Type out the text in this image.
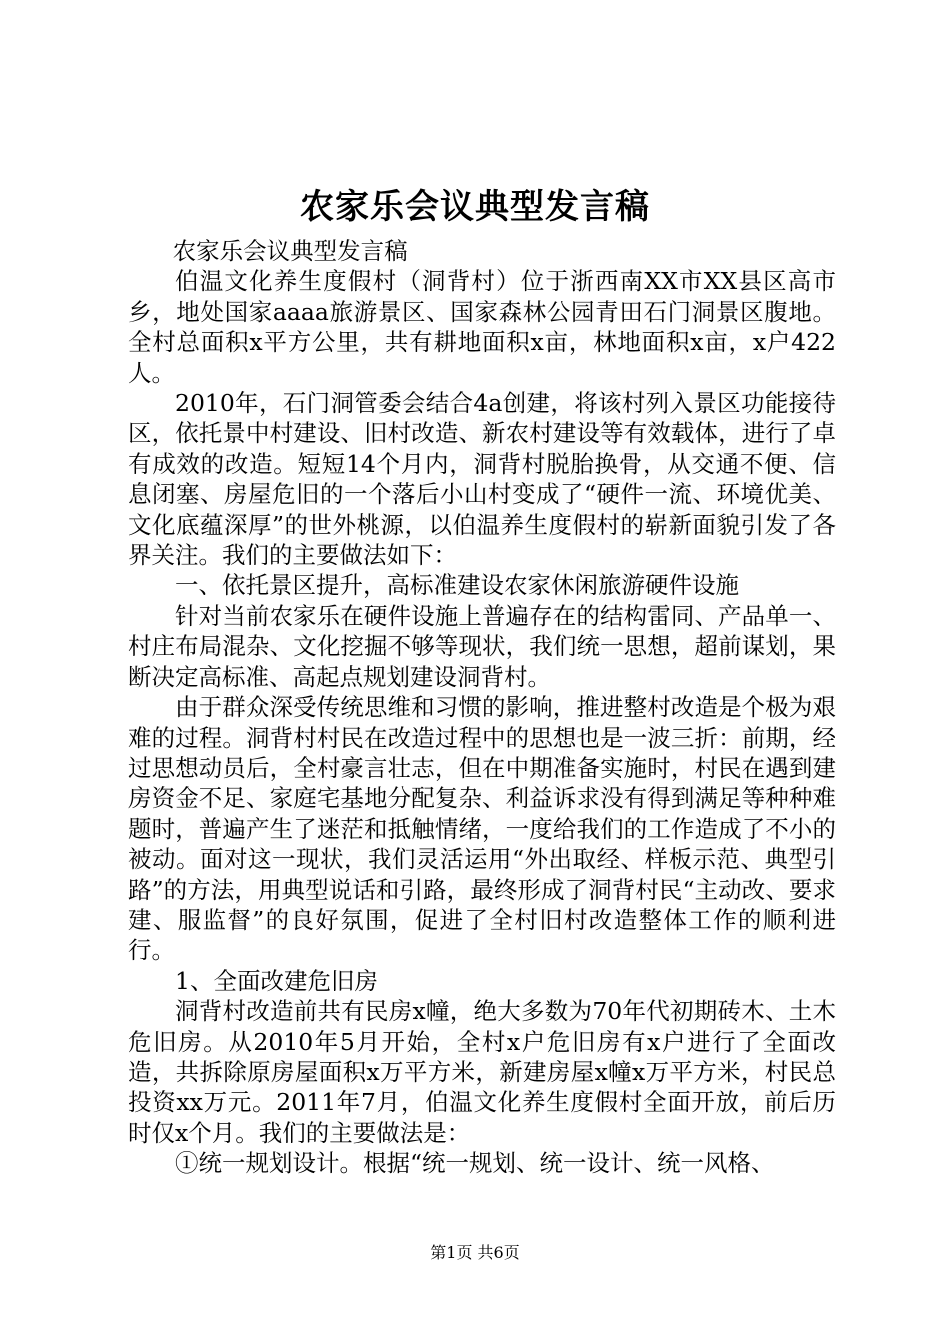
农家乐会议典型发言稿

农家乐会议典型发言稿

伯温文化养生度假村（洞背村）位于浙西南XX市XX县区高市乡，地处国家aaaa旅游景区、国家森林公园青田石门洞景区腹地。全村总面积x平方公里，共有耕地面积x亩，林地面积x亩，x户422人。

2010年，石门洞管委会结合4a创建，将该村列入景区功能接待区，依托景中村建设、旧村改造、新农村建设等有效载体，进行了卓有成效的改造。短短14个月内，洞背村脱胎换骨，从交通不便、信息闭塞、房屋危旧的一个落后小山村变成了“硬件一流、环境优美、文化底蕴深厚”的世外桃源，以伯温养生度假村的崭新面貌引发了各界关注。我们的主要做法如下：

一、依托景区提升，高标准建设农家休闲旅游硬件设施

针对当前农家乐在硬件设施上普遍存在的结构雷同、产品单一、村庄布局混杂、文化挖掘不够等现状，我们统一思想，超前谋划，果断决定高标准、高起点规划建设洞背村。

由于群众深受传统思维和习惯的影响，推进整村改造是个极为艰难的过程。洞背村村民在改造过程中的思想也是一波三折：前期，经过思想动员后，全村豪言壮志，但在中期准备实施时，村民在遇到建房资金不足、家庭宅基地分配复杂、利益诉求没有得到满足等种种难题时，普遍产生了迷茫和抵触情绪，一度给我们的工作造成了不小的被动。面对这一现状，我们灵活运用“外出取经、样板示范、典型引路”的方法，用典型说话和引路，最终形成了洞背村民“主动改、要求建、服监督”的良好氛围，促进了全村旧村改造整体工作的顺利进行。

1、全面改建危旧房

洞背村改造前共有民房x幢，绝大多数为70年代初期砖木、土木危旧房。从2010年5月开始，全村x户危旧房有x户进行了全面改造，共拆除原房屋面积x万平方米，新建房屋x幢x万平方米，村民总投资xx万元。2011年7月，伯温文化养生度假村全面开放，前后历时仅x个月。我们的主要做法是：

①统一规划设计。根据“统一规划、统一设计、统一风格、

第1页 共6页
